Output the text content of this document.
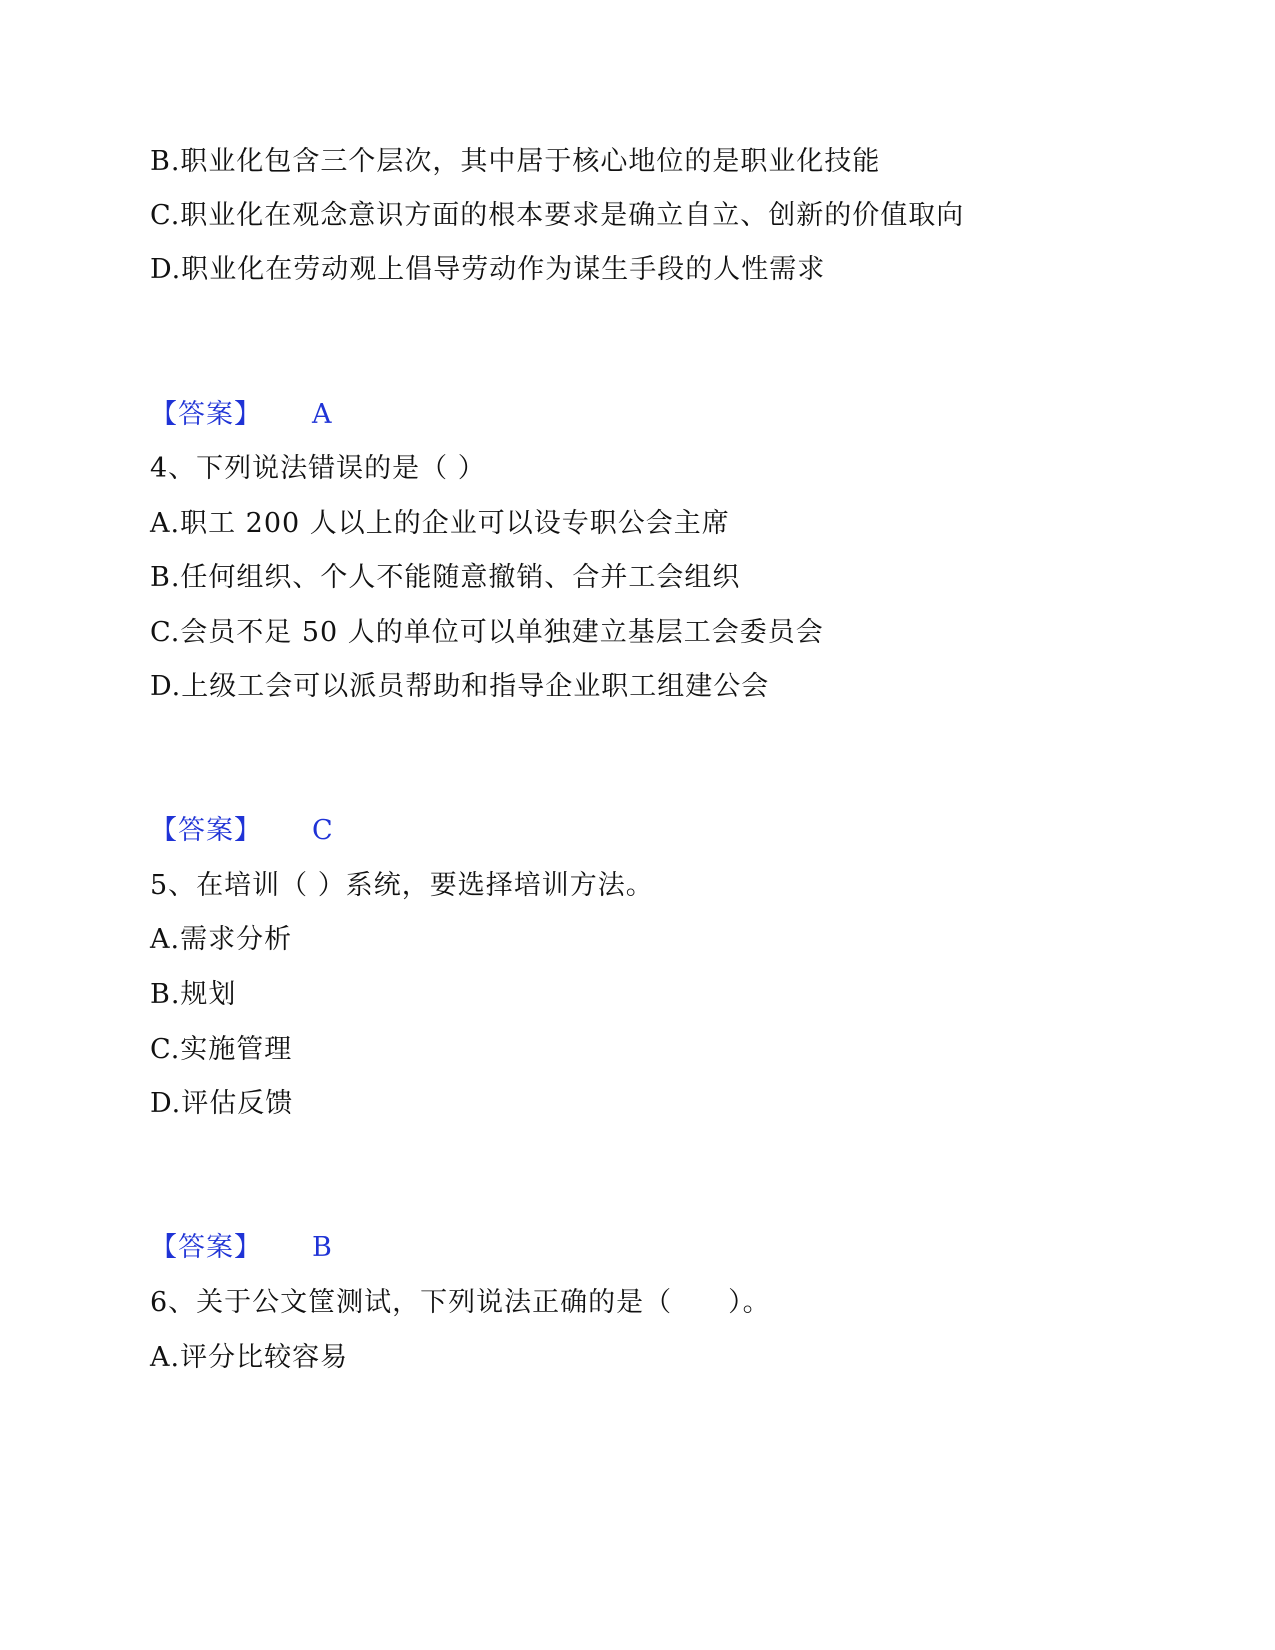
B.职业化包含三个层次，其中居于核心地位的是职业化技能
C.职业化在观念意识方面的根本要求是确立自立、创新的价值取向
D.职业化在劳动观上倡导劳动作为谋生手段的人性需求
【答案】 A
4、下列说法错误的是（ ）
A.职工 200 人以上的企业可以设专职公会主席
B.任何组织、个人不能随意撤销、合并工会组织
C.会员不足 50 人的单位可以单独建立基层工会委员会
D.上级工会可以派员帮助和指导企业职工组建公会
【答案】 C
5、在培训（ ）系统，要选择培训方法。
A.需求分析
B.规划
C.实施管理
D.评估反馈
【答案】 B
6、关于公文筐测试，下列说法正确的是（　　）。
A.评分比较容易
